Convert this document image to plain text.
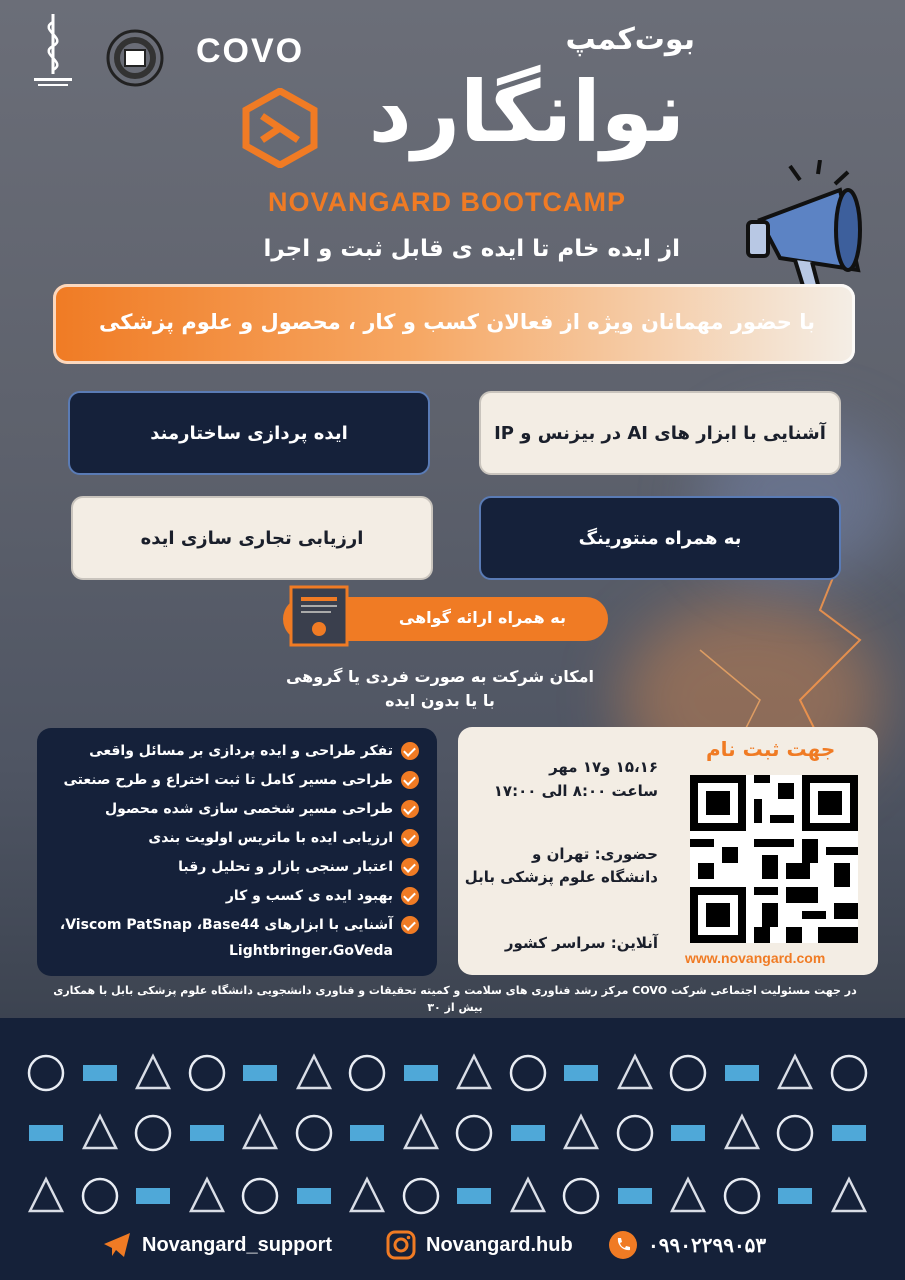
COVO	بوت‌کمپ
نوانگارد
NOVANGARD BOOTCAMP
از ایده خام تا ایده ی قابل ثبت و اجرا
با حضور مهمانان ویژه از فعالان کسب و کار ، محصول و علوم پزشکی
آشنایی با ابزار های AI در بیزنس و IP
ایده پردازی ساختارمند
به همراه منتورینگ
ارزیابی تجاری سازی ایده
به همراه ارائه گواهی
امکان شرکت به صورت فردی یا گروهی
با یا بدون ایده
تفکر طراحی و ایده پردازی بر مسائل واقعی
طراحی مسیر کامل تا ثبت اختراع و طرح صنعتی
طراحی مسیر شخصی سازی شده محصول
ارزیابی ایده با ماتریس اولویت بندی
اعتبار سنجی بازار و تحلیل رقبا
بهبود ایده ی کسب و کار
آشنایی با ابزارهای Viscom PatSnap ،Base44،
Lightbringer،GoVeda
۱۵،۱۶ و۱۷ مهر
ساعت ۸:۰۰ الی ۱۷:۰۰
حضوری: تهران و
دانشگاه علوم پزشکی بابل
آنلاین: سراسر کشور
جهت ثبت نام
www.novangard.com
در جهت مسئولیت اجتماعی شرکت COVO مرکز رشد فناوری های سلامت و کمیته تحقیقات و فناوری دانشجویی دانشگاه علوم پزشکی بابل با همکاری بیش از ۳۰
Novangard_support	Novangard.hub	۰۹۹۰۲۲۹۹۰۵۳
